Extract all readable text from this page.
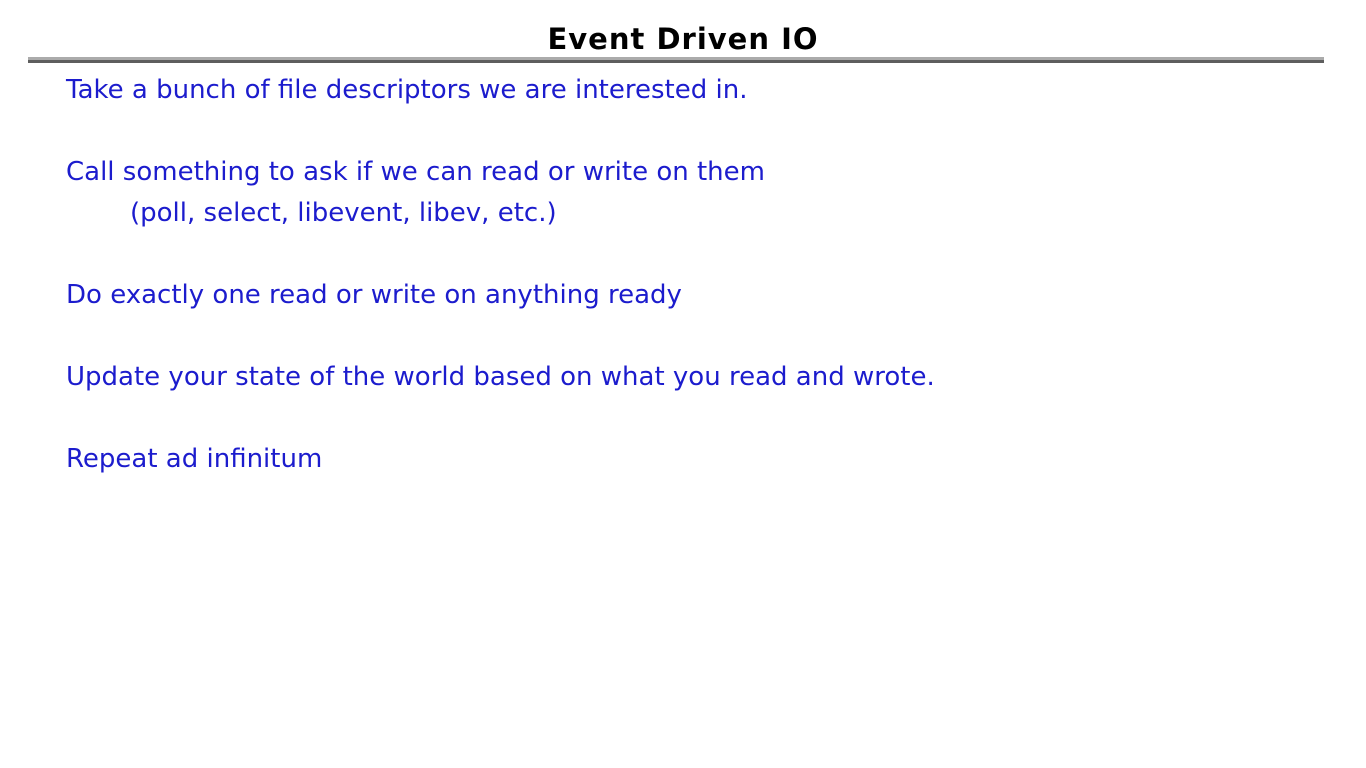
Event Driven IO

Take a bunch of file descriptors we are interested in.

Call something to ask if we can read or write on them
(poll, select, libevent, libev, etc.)

Do exactly one read or write on anything ready

Update your state of the world based on what you read and wrote.

Repeat ad infinitum
